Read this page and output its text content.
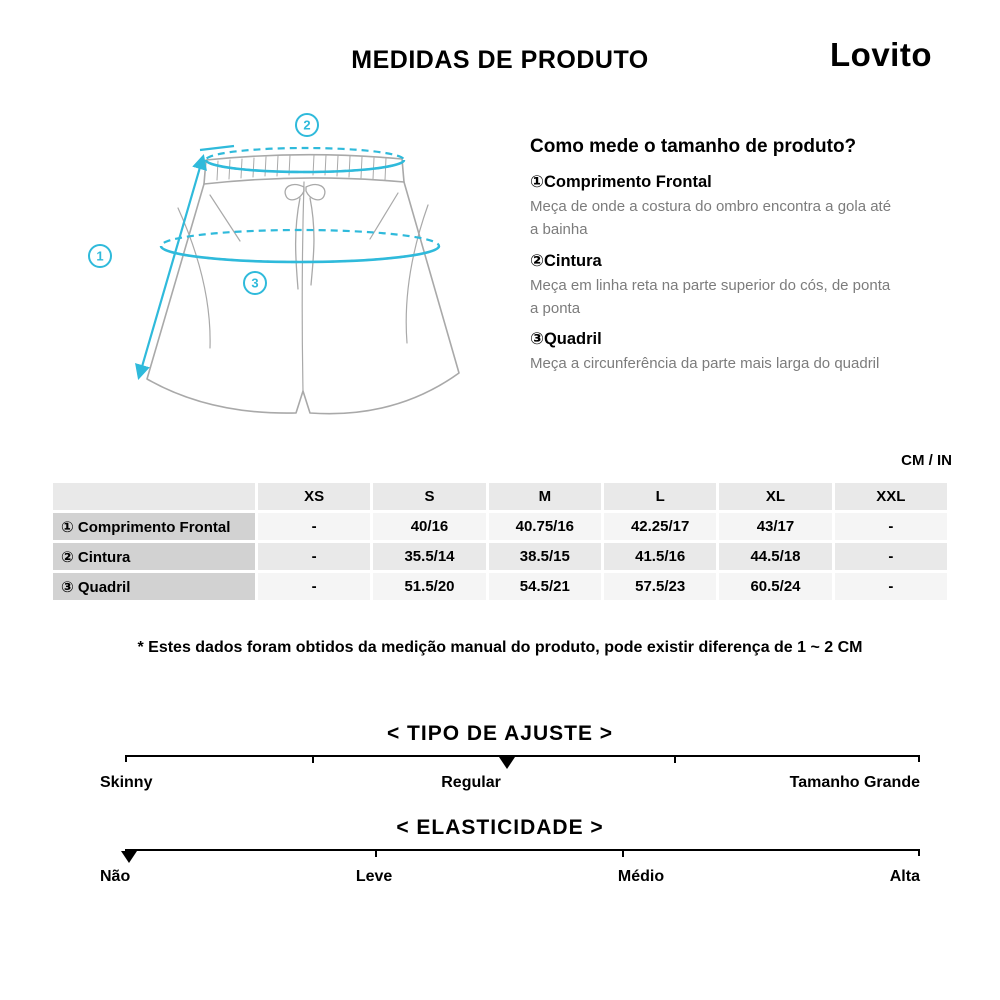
MEDIDAS DE PRODUTO	Lovito
1
2
3
Como mede o tamanho de produto?
①Comprimento Frontal
Meça de onde a costura do ombro encontra a gola até a bainha
②Cintura
Meça em linha reta na parte superior do cós, de ponta a ponta
③Quadril
Meça a circunferência da parte mais larga do quadril
CM / IN
	XS	S	M	L	XL	XXL
① Comprimento Frontal	-	40/16	40.75/16	42.25/17	43/17	-
② Cintura	-	35.5/14	38.5/15	41.5/16	44.5/18	-
③ Quadril	-	51.5/20	54.5/21	57.5/23	60.5/24	-
* Estes dados foram obtidos da medição manual do produto, pode existir diferença de 1 ~ 2 CM
< TIPO DE AJUSTE >
Skinny	Regular	Tamanho Grande
< ELASTICIDADE >
Não	Leve	Médio	Alta
